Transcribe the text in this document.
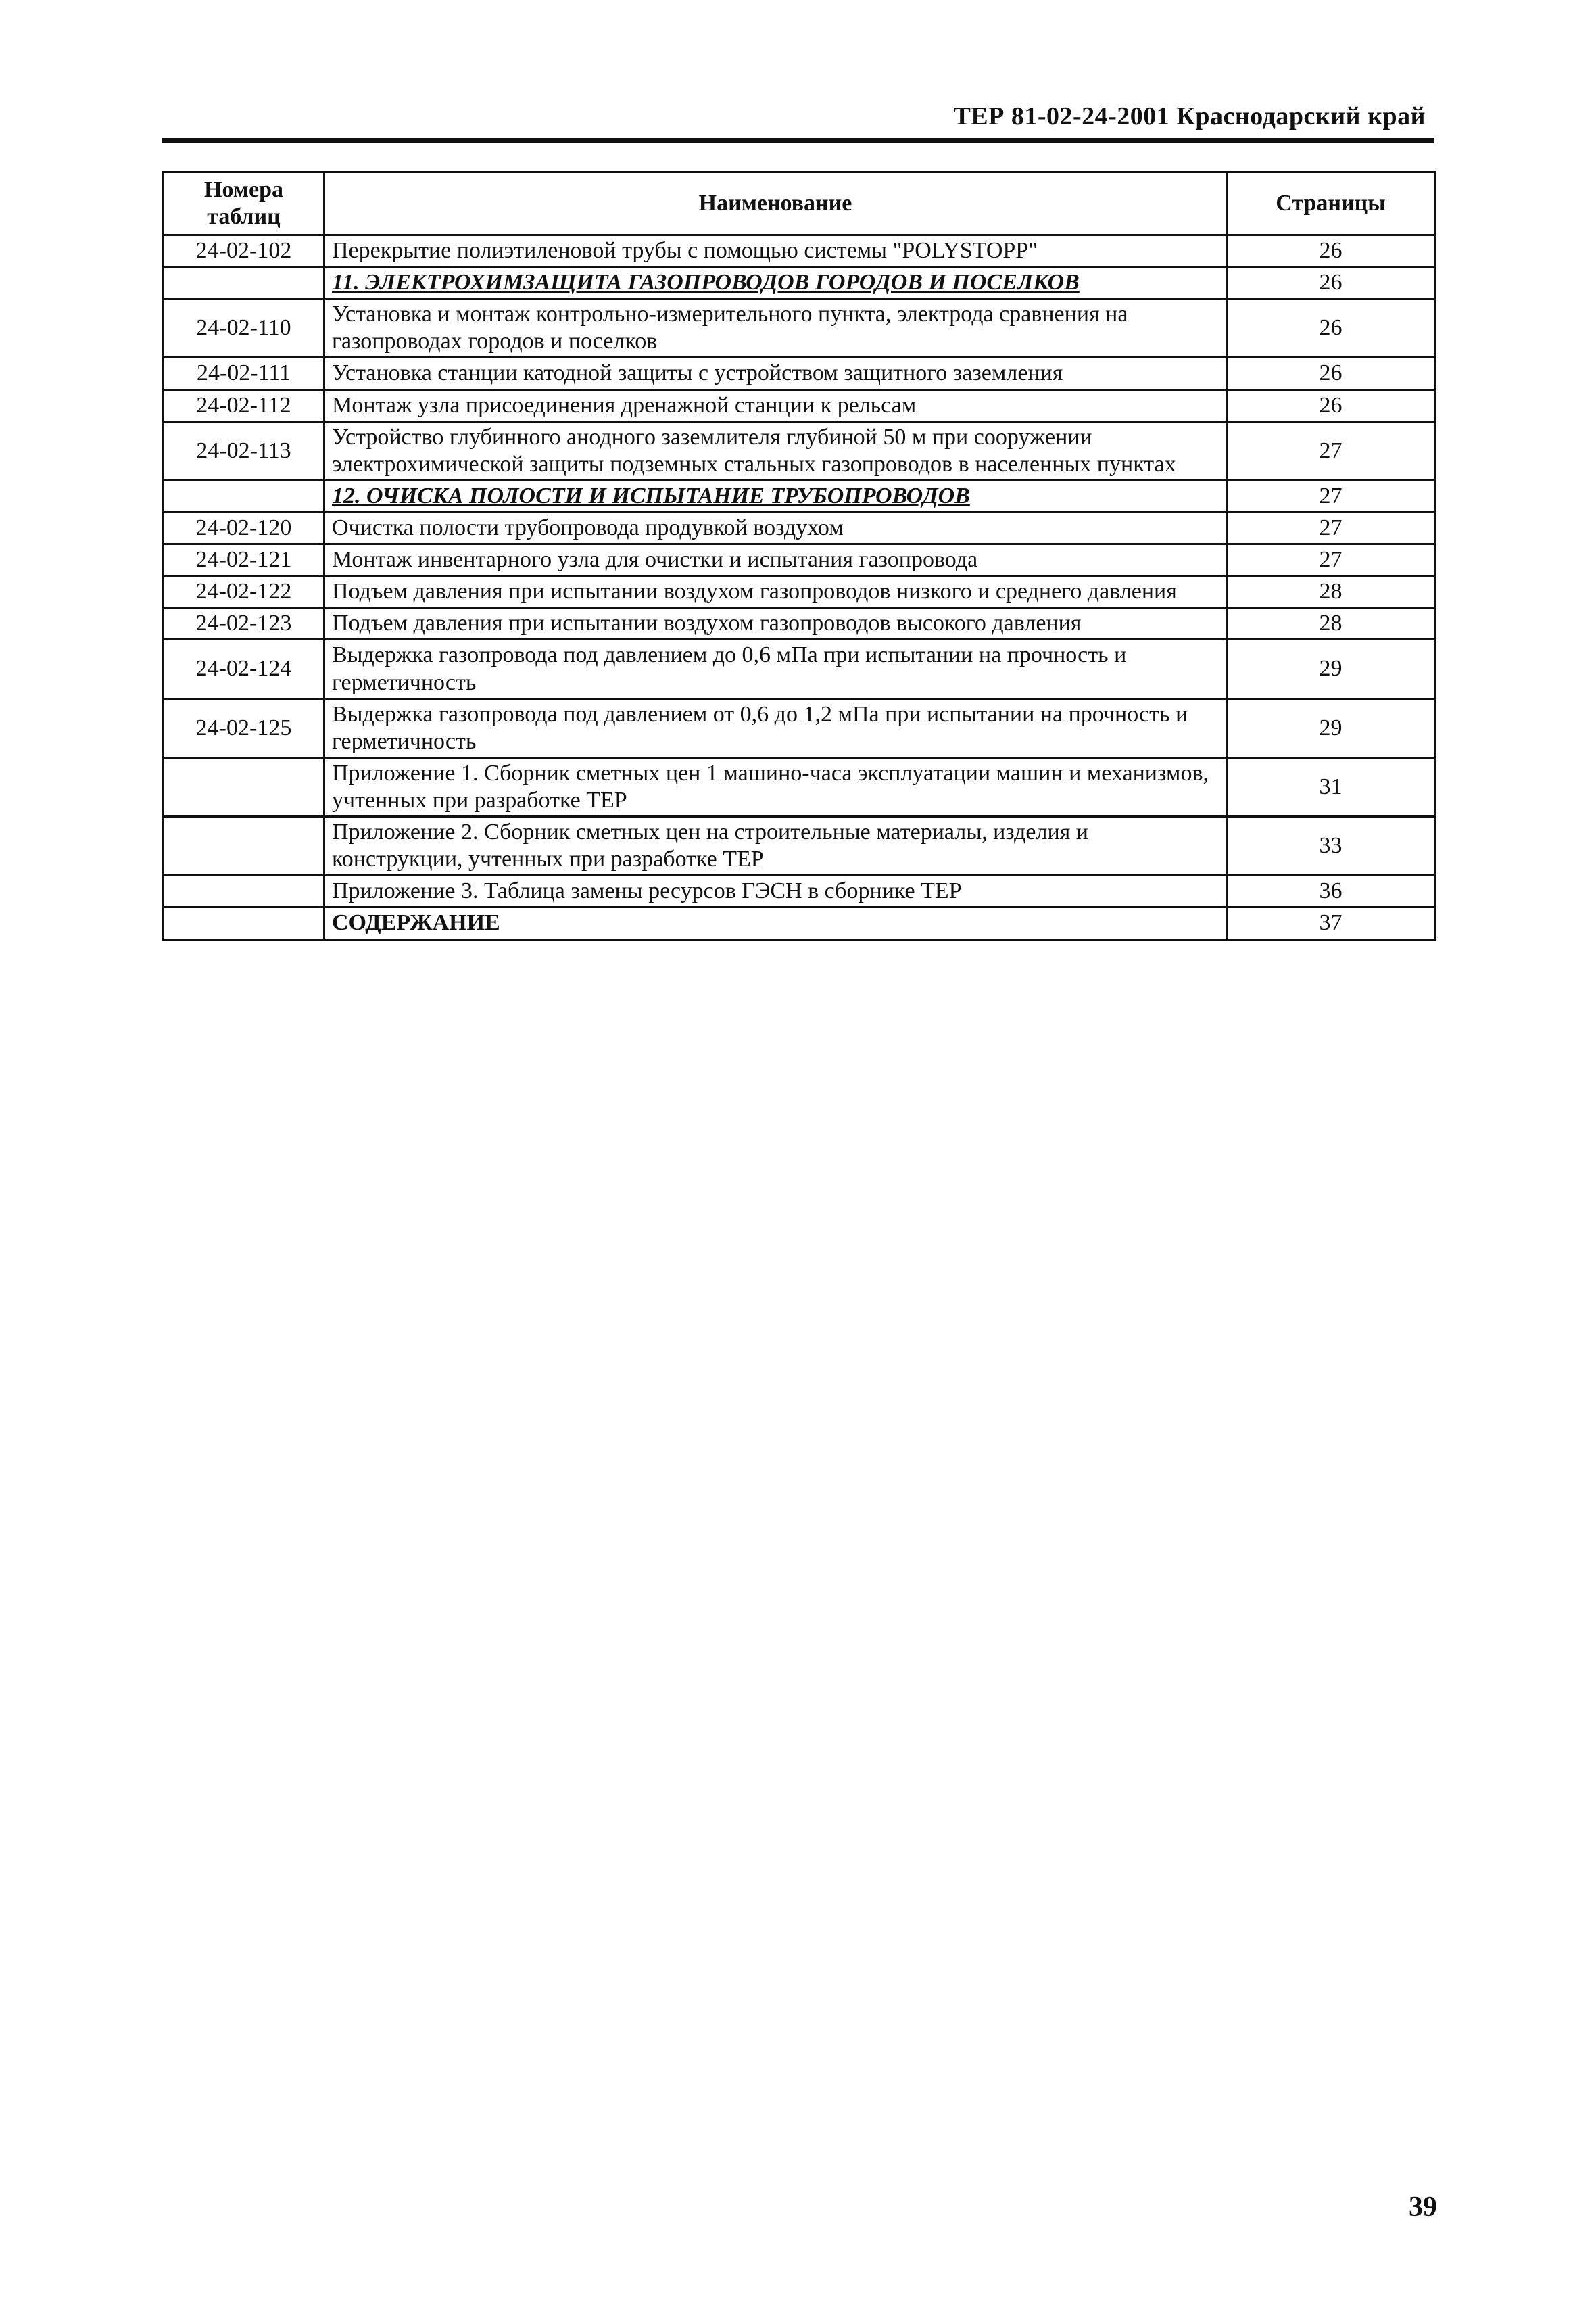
ТЕР 81-02-24-2001 Краснодарский край
Номера таблиц	Наименование	Страницы
24-02-102	Перекрытие полиэтиленовой трубы с помощью системы "POLYSTOPP"	26
	11. ЭЛЕКТРОХИМЗАЩИТА ГАЗОПРОВОДОВ ГОРОДОВ И ПОСЕЛКОВ	26
24-02-110	Установка и монтаж контрольно-измерительного пункта, электрода сравнения на газопроводах городов и поселков	26
24-02-111	Установка станции катодной защиты с устройством защитного заземления	26
24-02-112	Монтаж узла присоединения дренажной станции к рельсам	26
24-02-113	Устройство глубинного анодного заземлителя глубиной 50 м при сооружении электрохимической защиты подземных стальных газопроводов в населенных пунктах	27
	12. ОЧИСКА ПОЛОСТИ И ИСПЫТАНИЕ ТРУБОПРОВОДОВ	27
24-02-120	Очистка полости трубопровода продувкой воздухом	27
24-02-121	Монтаж инвентарного узла для очистки и испытания газопровода	27
24-02-122	Подъем давления при испытании воздухом газопроводов низкого и среднего давления	28
24-02-123	Подъем давления при испытании воздухом газопроводов высокого давления	28
24-02-124	Выдержка газопровода под давлением до 0,6 мПа при испытании на прочность и герметичность	29
24-02-125	Выдержка газопровода под давлением от 0,6 до 1,2 мПа при испытании на прочность и герметичность	29
	Приложение 1. Сборник сметных цен 1 машино-часа эксплуатации машин и механизмов, учтенных при разработке ТЕР	31
	Приложение 2. Сборник сметных цен на строительные материалы, изделия и конструкции, учтенных при разработке ТЕР	33
	Приложение 3. Таблица замены ресурсов ГЭСН в сборнике ТЕР	36
	СОДЕРЖАНИЕ	37
39
